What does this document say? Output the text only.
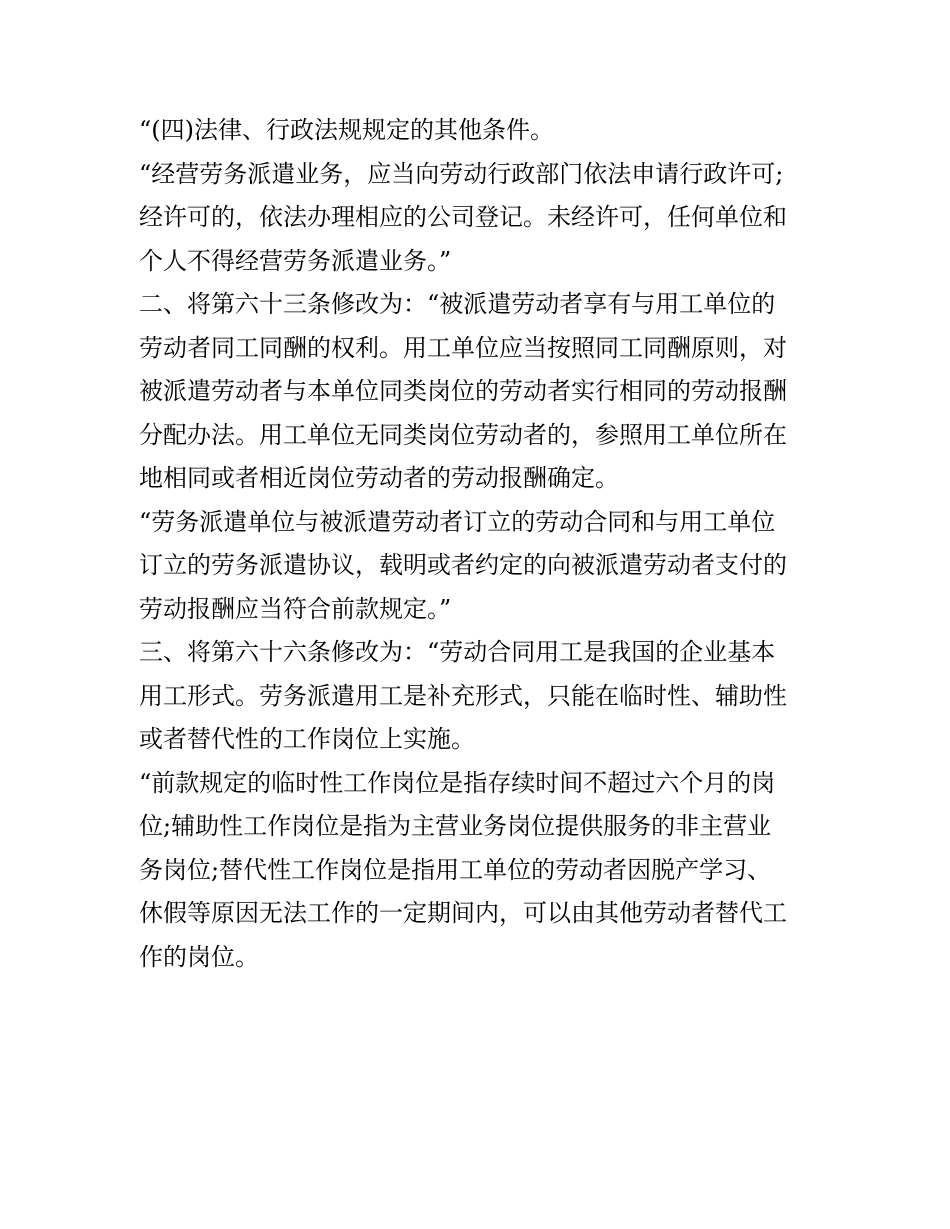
“(四)法律、行政法规规定的其他条件。
“经营劳务派遣业务，应当向劳动行政部门依法申请行政许可;
经许可的，依法办理相应的公司登记。未经许可，任何单位和
个人不得经营劳务派遣业务。”
二、将第六十三条修改为：“被派遣劳动者享有与用工单位的
劳动者同工同酬的权利。用工单位应当按照同工同酬原则，对
被派遣劳动者与本单位同类岗位的劳动者实行相同的劳动报酬
分配办法。用工单位无同类岗位劳动者的，参照用工单位所在
地相同或者相近岗位劳动者的劳动报酬确定。
“劳务派遣单位与被派遣劳动者订立的劳动合同和与用工单位
订立的劳务派遣协议，载明或者约定的向被派遣劳动者支付的
劳动报酬应当符合前款规定。”
三、将第六十六条修改为：“劳动合同用工是我国的企业基本
用工形式。劳务派遣用工是补充形式，只能在临时性、辅助性
或者替代性的工作岗位上实施。
“前款规定的临时性工作岗位是指存续时间不超过六个月的岗
位;辅助性工作岗位是指为主营业务岗位提供服务的非主营业
务岗位;替代性工作岗位是指用工单位的劳动者因脱产学习、
休假等原因无法工作的一定期间内，可以由其他劳动者替代工
作的岗位。
